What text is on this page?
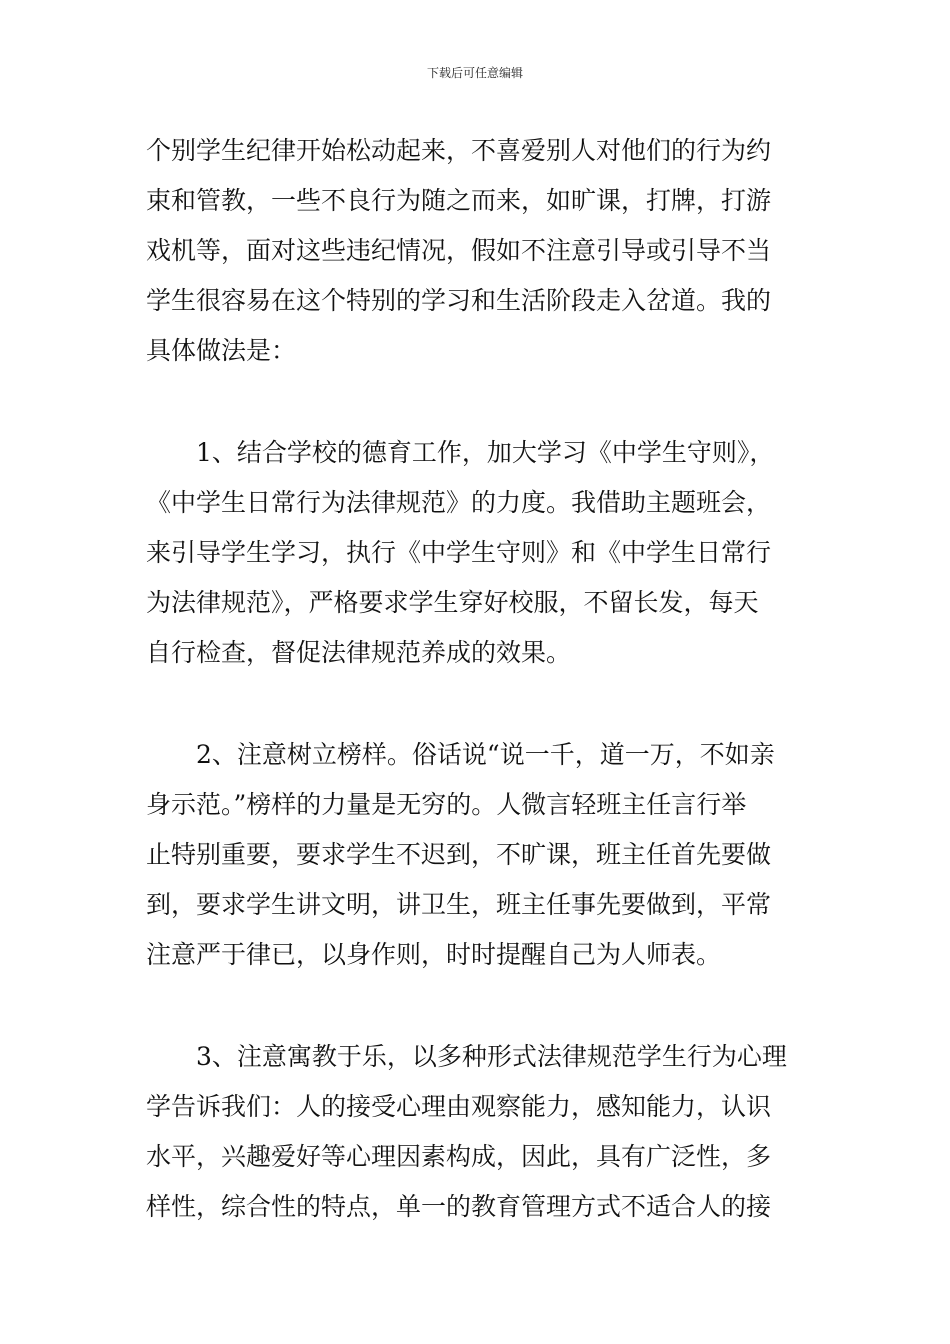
下载后可任意编辑
个别学生纪律开始松动起来，不喜爱别人对他们的行为约
束和管教，一些不良行为随之而来，如旷课，打牌，打游
戏机等，面对这些违纪情况，假如不注意引导或引导不当
学生很容易在这个特别的学习和生活阶段走入岔道。我的
具体做法是：
1、结合学校的德育工作，加大学习《中学生守则》，
《中学生日常行为法律规范》的力度。我借助主题班会，
来引导学生学习，执行《中学生守则》和《中学生日常行
为法律规范》，严格要求学生穿好校服，不留长发，每天
自行检查，督促法律规范养成的效果。
2、注意树立榜样。俗话说“说一千，道一万，不如亲
身示范。”榜样的力量是无穷的。人微言轻班主任言行举
止特别重要，要求学生不迟到，不旷课，班主任首先要做
到，要求学生讲文明，讲卫生，班主任事先要做到，平常
注意严于律已，以身作则，时时提醒自己为人师表。
3、注意寓教于乐，以多种形式法律规范学生行为心理
学告诉我们：人的接受心理由观察能力，感知能力，认识
水平，兴趣爱好等心理因素构成，因此，具有广泛性，多
样性，综合性的特点，单一的教育管理方式不适合人的接
